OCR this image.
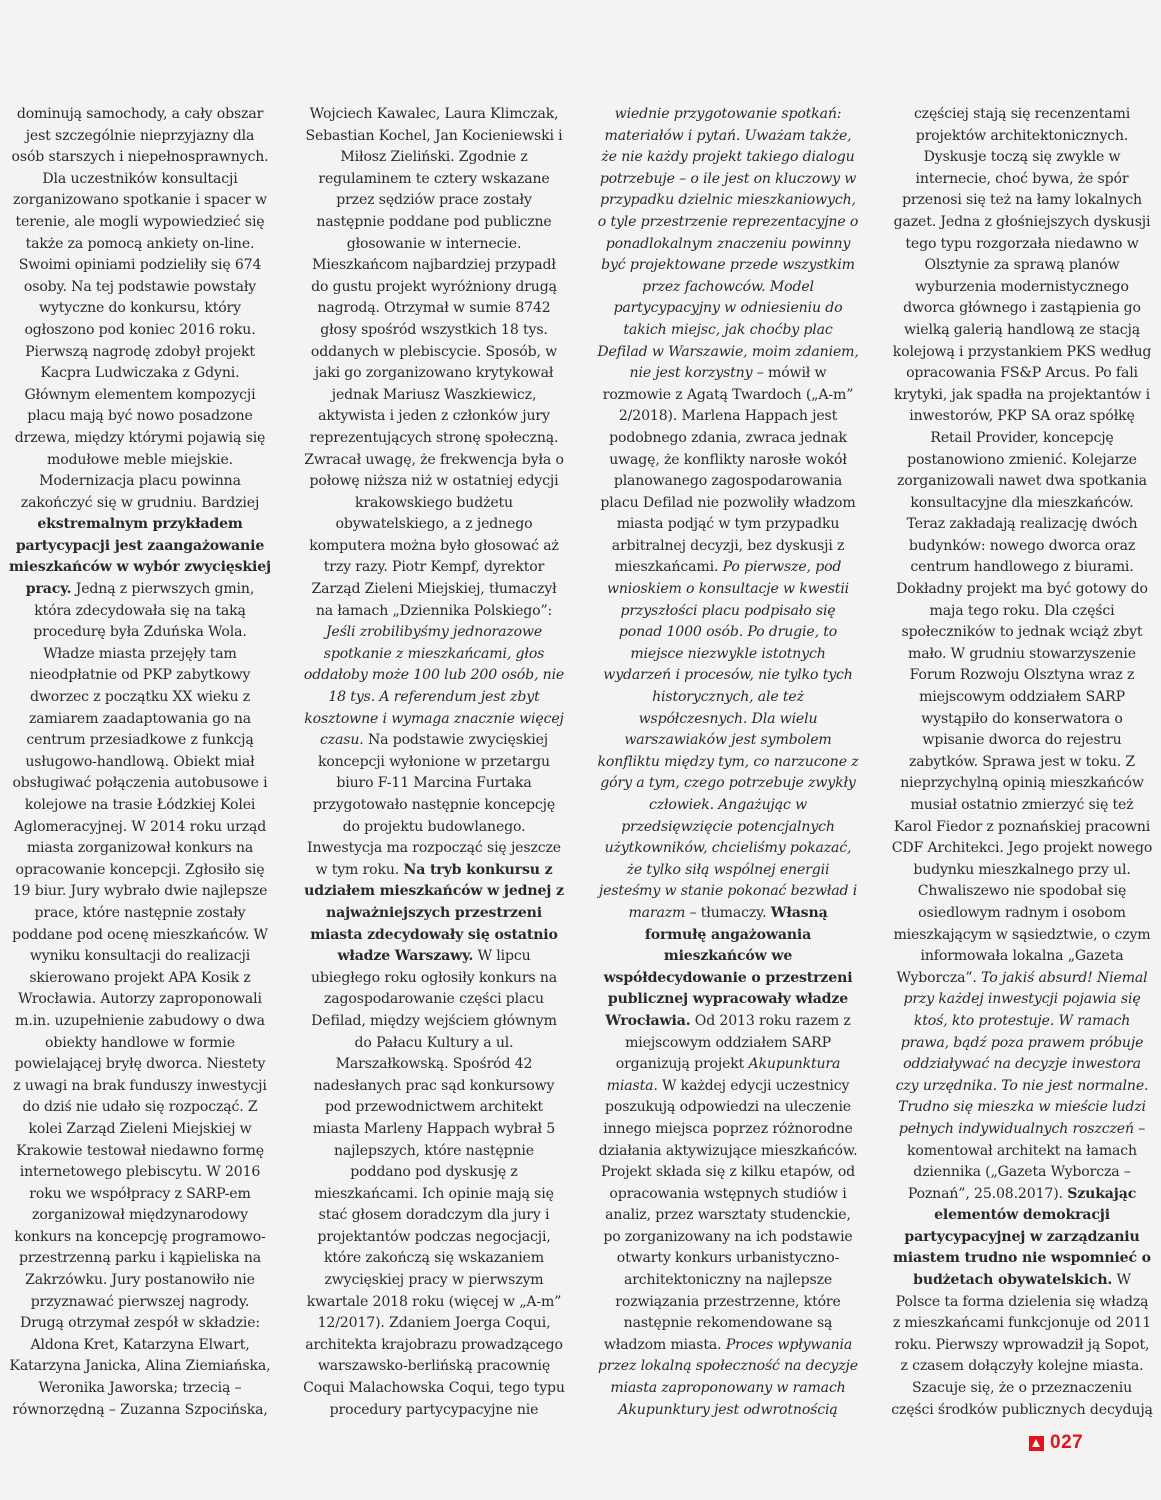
dominują samochody, a cały obszar jest szczególnie nieprzyjazny dla osób starszych i niepełnosprawnych. Dla uczestników konsultacji zorganizowano spotkanie i spacer w terenie, ale mogli wypowiedzieć się także za pomocą ankiety on-line. Swoimi opiniami podzieliły się 674 osoby. Na tej podstawie powstały wytyczne do konkursu, który ogłoszono pod koniec 2016 roku. Pierwszą nagrodę zdobył projekt Kacpra Ludwiczaka z Gdyni. Głównym elementem kompozycji placu mają być nowo posadzone drzewa, między którymi pojawią się modułowe meble miejskie. Modernizacja placu powinna zakończyć się w grudniu. Bardziej ekstremalnym przykładem partycypacji jest zaangażowanie mieszkańców w wybór zwycięskiej pracy. Jedną z pierwszych gmin, która zdecydowała się na taką procedurę była Zduńska Wola. Władze miasta przejęły tam nieodpłatnie od PKP zabytkowy dworzec z początku XX wieku z zamiarem zaadaptowania go na centrum przesiadkowe z funkcją usługowo-handlową. Obiekt miał obsługiwać połączenia autobusowe i kolejowe na trasie Łódzkiej Kolei Aglomeracyjnej. W 2014 roku urząd miasta zorganizował konkurs na opracowanie koncepcji. Zgłosiło się 19 biur. Jury wybrało dwie najlepsze prace, które następnie zostały poddane pod ocenę mieszkańców. W wyniku konsultacji do realizacji skierowano projekt APA Kosik z Wrocławia. Autorzy zaproponowali m.in. uzupełnienie zabudowy o dwa obiekty handlowe w formie powielającej bryłę dworca. Niestety z uwagi na brak funduszy inwestycji do dziś nie udało się rozpocząć. Z kolei Zarząd Zieleni Miejskiej w Krakowie testował niedawno formę internetowego plebiscytu. W 2016 roku we współpracy z SARP-em zorganizował międzynarodowy konkurs na koncepcję programowo-przestrzenną parku i kąpieliska na Zakrzówku. Jury postanowiło nie przyznawać pierwszej nagrody. Drugą otrzymał zespół w składzie: Aldona Kret, Katarzyna Elwart, Katarzyna Janicka, Alina Ziemiańska, Weronika Jaworska; trzecią – równorzędną – Zuzanna Szpocińska,

Wojciech Kawalec, Laura Klimczak, Sebastian Kochel, Jan Kocieniewski i Miłosz Zieliński. Zgodnie z regulaminem te cztery wskazane przez sędziów prace zostały następnie poddane pod publiczne głosowanie w internecie. Mieszkańcom najbardziej przypadł do gustu projekt wyróżniony drugą nagrodą. Otrzymał w sumie 8742 głosy spośród wszystkich 18 tys. oddanych w plebiscycie. Sposób, w jaki go zorganizowano krytykował jednak Mariusz Waszkiewicz, aktywista i jeden z członków jury reprezentujących stronę społeczną. Zwracał uwagę, że frekwencja była o połowę niższa niż w ostatniej edycji krakowskiego budżetu obywatelskiego, a z jednego komputera można było głosować aż trzy razy. Piotr Kempf, dyrektor Zarząd Zieleni Miejskiej, tłumaczył na łamach „Dziennika Polskiego”: Jeśli zrobilibyśmy jednorazowe spotkanie z mieszkańcami, głos oddałoby może 100 lub 200 osób, nie 18 tys. A referendum jest zbyt kosztowne i wymaga znacznie więcej czasu. Na podstawie zwycięskiej koncepcji wyłonione w przetargu biuro F-11 Marcina Furtaka przygotowało następnie koncepcję do projektu budowlanego. Inwestycja ma rozpocząć się jeszcze w tym roku. Na tryb konkursu z udziałem mieszkańców w jednej z najważniejszych przestrzeni miasta zdecydowały się ostatnio władze Warszawy. W lipcu ubiegłego roku ogłosiły konkurs na zagospodarowanie części placu Defilad, między wejściem głównym do Pałacu Kultury a ul. Marszałkowską. Spośród 42 nadesłanych prac sąd konkursowy pod przewodnictwem architekt miasta Marleny Happach wybrał 5 najlepszych, które następnie poddano pod dyskusję z mieszkańcami. Ich opinie mają się stać głosem doradczym dla jury i projektantów podczas negocjacji, które zakończą się wskazaniem zwycięskiej pracy w pierwszym kwartale 2018 roku (więcej w „A-m” 12/2017). Zdaniem Joerga Coqui, architekta krajobrazu prowadzącego warszawsko-berlińską pracownię Coqui Malachowska Coqui, tego typu procedury partycypacyjne nie

wiednie przygotowanie spotkań: materiałów i pytań. Uważam także, że nie każdy projekt takiego dialogu potrzebuje – o ile jest on kluczowy w przypadku dzielnic mieszkaniowych, o tyle przestrzenie reprezentacyjne o ponadlokalnym znaczeniu powinny być projektowane przede wszystkim przez fachowców. Model partycypacyjny w odniesieniu do takich miejsc, jak choćby plac Defilad w Warszawie, moim zdaniem, nie jest korzystny – mówił w rozmowie z Agatą Twardoch („A-m” 2/2018). Marlena Happach jest podobnego zdania, zwraca jednak uwagę, że konflikty narosłe wokół planowanego zagospodarowania placu Defilad nie pozwoliły władzom miasta podjąć w tym przypadku arbitralnej decyzji, bez dyskusji z mieszkańcami. Po pierwsze, pod wnioskiem o konsultacje w kwestii przyszłości placu podpisało się ponad 1000 osób. Po drugie, to miejsce niezwykle istotnych wydarzeń i procesów, nie tylko tych historycznych, ale też współczesnych. Dla wielu warszawiaków jest symbolem konfliktu między tym, co narzucone z góry a tym, czego potrzebuje zwykły człowiek. Angażując w przedsięwzięcie potencjalnych użytkowników, chcieliśmy pokazać, że tylko siłą wspólnej energii jesteśmy w stanie pokonać bezwład i marazm – tłumaczy. Własną formułę angażowania mieszkańców we współdecydowanie o przestrzeni publicznej wypracowały władze Wrocławia. Od 2013 roku razem z miejscowym oddziałem SARP organizują projekt Akupunktura miasta. W każdej edycji uczestnicy poszukują odpowiedzi na uleczenie innego miejsca poprzez różnorodne działania aktywizujące mieszkańców. Projekt składa się z kilku etapów, od opracowania wstępnych studiów i analiz, przez warsztaty studenckie, po zorganizowany na ich podstawie otwarty konkurs urbanistyczno-architektoniczny na najlepsze rozwiązania przestrzenne, które następnie rekomendowane są władzom miasta. Proces wpływania przez lokalną społeczność na decyzje miasta zaproponowany w ramach Akupunktury jest odwrotnością

częściej stają się recenzentami projektów architektonicznych. Dyskusje toczą się zwykle w internecie, choć bywa, że spór przenosi się też na łamy lokalnych gazet. Jedna z głośniejszych dyskusji tego typu rozgorzała niedawno w Olsztynie za sprawą planów wyburzenia modernistycznego dworca głównego i zastąpienia go wielką galerią handlową ze stacją kolejową i przystankiem PKS według opracowania FS&P Arcus. Po fali krytyki, jak spadła na projektantów i inwestorów, PKP SA oraz spółkę Retail Provider, koncepcję postanowiono zmienić. Kolejarze zorganizowali nawet dwa spotkania konsultacyjne dla mieszkańców. Teraz zakładają realizację dwóch budynków: nowego dworca oraz centrum handlowego z biurami. Dokładny projekt ma być gotowy do maja tego roku. Dla części społeczników to jednak wciąż zbyt mało. W grudniu stowarzyszenie Forum Rozwoju Olsztyna wraz z miejscowym oddziałem SARP wystąpiło do konserwatora o wpisanie dworca do rejestru zabytków. Sprawa jest w toku. Z nieprzychylną opinią mieszkańców musiał ostatnio zmierzyć się też Karol Fiedor z poznańskiej pracowni CDF Architekci. Jego projekt nowego budynku mieszkalnego przy ul. Chwaliszewo nie spodobał się osiedlowym radnym i osobom mieszkającym w sąsiedztwie, o czym informowała lokalna „Gazeta Wyborcza”. To jakiś absurd! Niemal przy każdej inwestycji pojawia się ktoś, kto protestuje. W ramach prawa, bądź poza prawem próbuje oddziaływać na decyzje inwestora czy urzędnika. To nie jest normalne. Trudno się mieszka w mieście ludzi pełnych indywidualnych roszczeń – komentował architekt na łamach dziennika („Gazeta Wyborcza – Poznań”, 25.08.2017). Szukając elementów demokracji partycypacyjnej w zarządzaniu miastem trudno nie wspomnieć o budżetach obywatelskich. W Polsce ta forma dzielenia się władzą z mieszkańcami funkcjonuje od 2011 roku. Pierwszy wprowadził ją Sopot, z czasem dołączyły kolejne miasta. Szacuje się, że o przeznaczeniu części środków publicznych decydują

027
